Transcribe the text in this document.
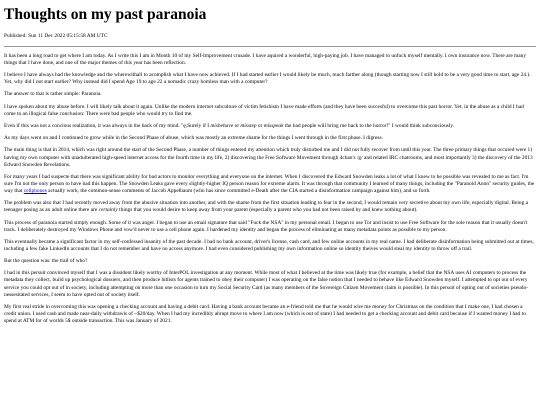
Thoughts on my past paranoia
Published: Sun 11 Dec 2022 05:15:58 AM UTC

It has been a long road to get where I am today. As I write this I am in Month 10 of my Self-Improvement crusade. I have aquired a wonderful, high-paying job. I have managed to unfuck myself mentally. I own insurance now. There are many things that I have done, and one of the major themes of this year has been reflection.

I believe I have always had the knowledge and the wherewithall to acomplish what I have now achieved. If I had started earlier I would likely be much, much farther along (though starting now I still hold to be a very good time to start, age 24.). Yet, why did I not start earlier? Why instead did I spend Age 19 to age 22 a nomadic crazy homless man with a computer?

The answer to that is rather simple: Paranoia.

I have spoken about my abuse before. I will likely talk about it again. Unlike the modern internet subculture of victim fetishism I have made efforts (and they have been succesful) to overcome this past horror. Yet, in the abuse as a child I had come to an illogical false conclusion: There were bad people who would try to find me.

Even if this was not a concious realization, it was always in the back of my mind. "ę;Surely if I misbehave or misstep or misspeak the bad people will bring me back to the horror!" I would think subconciously.

As my days went on and I continued to grow while in the Second Phase of abuse, which was mostly an extreme shame for the things I went through in the first phase. I digress.

The main thing is that in 2014, which was right around the start of the Second Phase, a number of things entered my attention which truly disturbed me and I did not fully recover from until this year. The three primary things that occured were 1) having my own computer with unadulterated high-speed internet access for the fourth time in my life, 2) discovering the Free Software Movement through 4chan's /g/ and related IRC chatrooms, and most importantly 3) the discovery of the 2013 Edward Snowden Revelations.

For many years I had suspecte that there was significant ability for bad actors to monitor everything and everyone on the internet. When I discovered the Edward Snowden leaks a lot of what I knew to be possible was revealed to me as fact. I'm sure I'm not the only person to have had this happen. The Snowden Leaks gave every slightly-higher IQ person reason for extreme alarm. It was through that community I learned of many things, including the "Paranoid Anon" security guides, the way that cellphones actually work, the common-sense comments of Jaccob Appelbaum (who has since committed e-Death after the CIA started a disinformation campaign against him), and so forth.

The problem was also that I had recently moved away from the abusive situation into another, and with the shame from the first situation leading to fear in the second, I would remain very secretive about my own life, especially digital. Being a teenager posing as an adult online there are certainly things that you would desire to keep away from your parent (especially a parent who you had not been raised by and knew nothing about).

This process of paranoia started simply enough. Some of it was anger. I began to use an email signature that said "Fuck the NSA" in my personal email. I began to use Tor and insist to use Free Software for the sole reason that it usually doesn't track. I deliberately destroyed my Windows Phone and vow'd never to use a cell phone again. I hardened my identity and began the process of eliminating as many metadata points as possible to my person.

This eventually became a significant factor in my self-confessed insanity of the past decade. I had no bank account, driver's license, cash card, and few online accounts in my real name. I had deliberate disinformation being submitted out at times, including a few fake LinkedIn accounts that I do not remember and have no access anymore. I had even considered publishing my own information online so identity theives would steal my identity to throw off a trail.

But the question was: the trail of who?

I had in this persuit convinced myself that I was a dissident likely worthy of InterPOL investigation at any moment. While most of what I believed at the time was likely true (for example, a belief that the NSA uses AI computers to process the metadata they collect, build up psychological dossiers, and then produce hitlists for agents trained to obey their computer) I was operating on the false notion that I needed to behave like Edward Snowden myself. I attempted to opt out of every service you could opt out of in society, including attempting on more than one occasion to turn my Social Security Card (as many members of the Sovereign Citizen Movement claim is possible). In this persuit of opting out of societies pseudo-nessesitated services, I seem to have opted out of society itself.

My first real stride in overcoming this was opening a checking account and having a debit card. Having a bank account became an e-friend told me that he would wire me money for Christmas on the condition that I make one, I had chosen a credit union. I used cash and made near-daily withdrawls of ~$20/day. When I had my incredibly abrupt move to where I am now (which is out of state) I had needed to get a checking account and debit card because if I wanted money I had to spend at ATM for of worlds 5$ outside transaction. This was January of 2021.
